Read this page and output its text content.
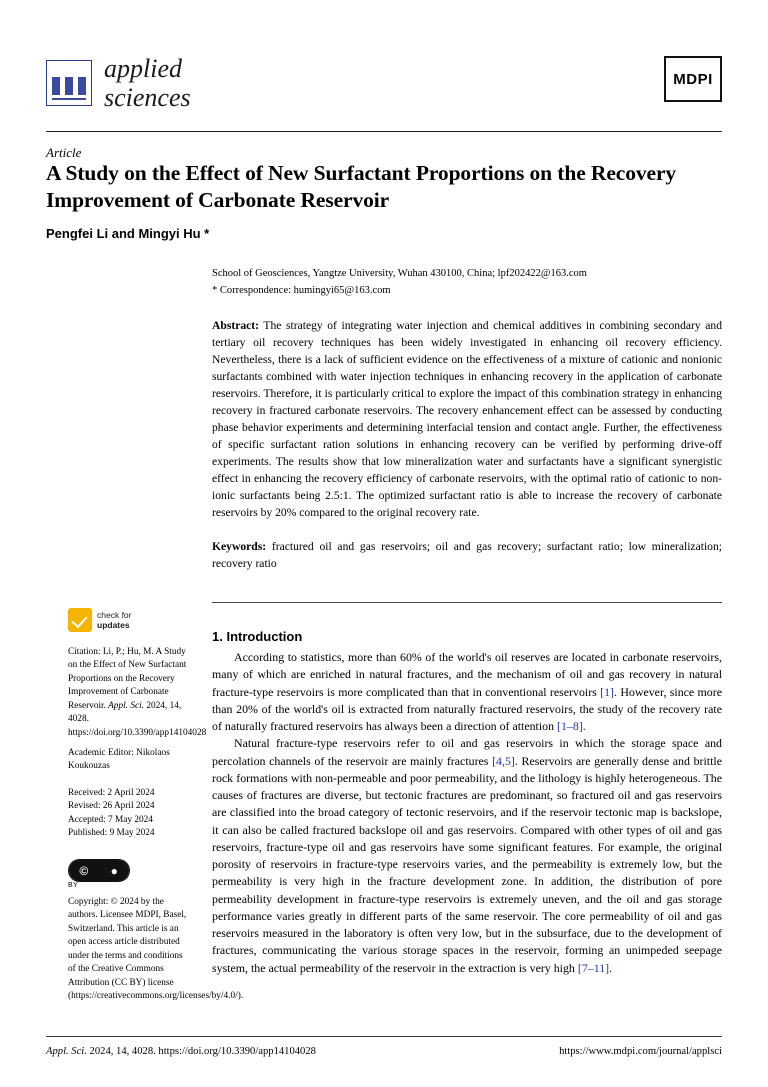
applied
sciences
MDPI
Article
A Study on the Effect of New Surfactant Proportions on the Recovery Improvement of Carbonate Reservoir
Pengfei Li and Mingyi Hu *
School of Geosciences, Yangtze University, Wuhan 430100, China; lpf202422@163.com
* Correspondence: humingyi65@163.com
Abstract: The strategy of integrating water injection and chemical additives in combining secondary and tertiary oil recovery techniques has been widely investigated in enhancing oil recovery efficiency. Nevertheless, there is a lack of sufficient evidence on the effectiveness of a mixture of cationic and nonionic surfactants combined with water injection techniques in enhancing recovery in the application of carbonate reservoirs. Therefore, it is particularly critical to explore the impact of this combination strategy in enhancing recovery in fractured carbonate reservoirs. The recovery enhancement effect can be assessed by conducting phase behavior experiments and determining interfacial tension and contact angle. Further, the effectiveness of specific surfactant ration solutions in enhancing recovery can be verified by performing drive-off experiments. The results show that low mineralization water and surfactants have a significant synergistic effect in enhancing the recovery efficiency of carbonate reservoirs, with the optimal ratio of cationic to non-ionic surfactants being 2.5:1. The optimized surfactant ratio is able to increase the recovery of carbonate reservoirs by 20% compared to the original recovery rate.
Keywords: fractured oil and gas reservoirs; oil and gas recovery; surfactant ratio; low mineralization; recovery ratio
1. Introduction

According to statistics, more than 60% of the world's oil reserves are located in carbonate reservoirs, many of which are enriched in natural fractures, and the mechanism of oil and gas recovery in natural fracture-type reservoirs is more complicated than that in conventional reservoirs [1]. However, since more than 20% of the world's oil is extracted from naturally fractured reservoirs, the study of the recovery rate of naturally fractured reservoirs has always been a direction of attention [1–8].

Natural fracture-type reservoirs refer to oil and gas reservoirs in which the storage space and percolation channels of the reservoir are mainly fractures [4,5]. Reservoirs are generally dense and brittle rock formations with non-permeable and poor permeability, and the lithology is highly heterogeneous. The causes of fractures are diverse, but tectonic fractures are predominant, so fractured oil and gas reservoirs are classified into the broad category of tectonic reservoirs, and if the reservoir tectonic map is backslope, it can also be called fractured backslope oil and gas reservoirs. Compared with other types of oil and gas reservoirs, fracture-type oil and gas reservoirs have some significant features. For example, the original porosity of reservoirs in fracture-type reservoirs varies, and the permeability is extremely low, but the permeability is very high in the fracture development zone. In addition, the distribution of pore permeability development in fracture-type reservoirs is extremely uneven, and the oil and gas storage performance varies greatly in different parts of the same reservoir. The core permeability of oil and gas reservoirs measured in the laboratory is often very low, but in the subsurface, due to the development of fractures, communicating the various storage spaces in the reservoir, forming an unimpeded seepage system, the actual permeability of the reservoir in the extraction is very high [7–11].

check for
updates
Citation: Li, P.; Hu, M. A Study on the Effect of New Surfactant Proportions on the Recovery Improvement of Carbonate Reservoir. Appl. Sci. 2024, 14, 4028. https://doi.org/10.3390/app14104028
Academic Editor: Nikolaos Koukouzas
Received: 2 April 2024
Revised: 26 April 2024
Accepted: 7 May 2024
Published: 9 May 2024
©	●
BY
Copyright: © 2024 by the authors. Licensee MDPI, Basel, Switzerland. This article is an open access article distributed under the terms and conditions of the Creative Commons Attribution (CC BY) license (https://creativecommons.org/licenses/by/4.0/).
Appl. Sci. 2024, 14, 4028. https://doi.org/10.3390/app14104028	https://www.mdpi.com/journal/applsci
